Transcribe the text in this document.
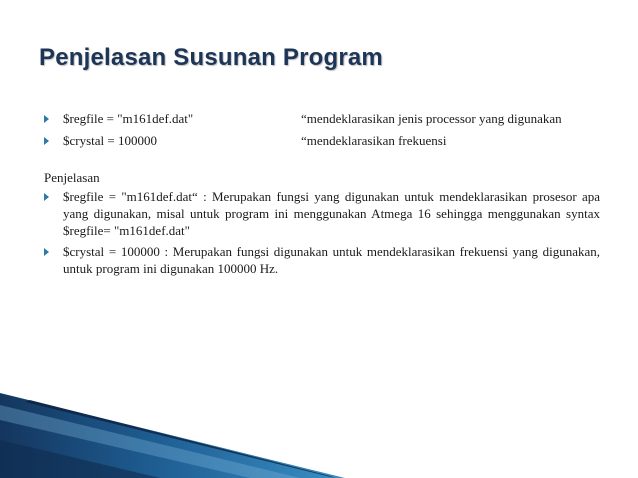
Penjelasan Susunan Program
$regfile = "m161def.dat"	“mendeklarasikan jenis processor yang digunakan
$crystal = 100000	“mendeklarasikan frekuensi
Penjelasan
$regfile = "m161def.dat“ : Merupakan fungsi yang digunakan untuk mendeklarasikan prosesor apa yang digunakan, misal untuk program ini menggunakan Atmega 16 sehingga menggunakan syntax $regfile= "m161def.dat"
$crystal = 100000 : Merupakan fungsi digunakan untuk mendeklarasikan frekuensi yang digunakan, untuk program ini digunakan 100000 Hz.
